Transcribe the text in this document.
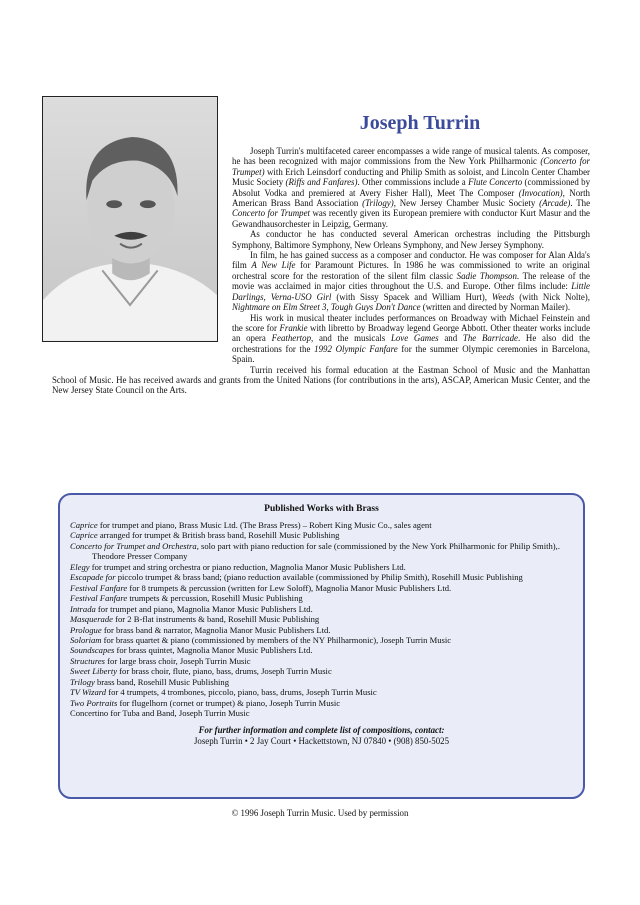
Joseph Turrin

Joseph Turrin's multifaceted career encompasses a wide range of musical talents. As composer, he has been recognized with major commissions from the New York Philharmonic (Concerto for Trumpet) with Erich Leinsdorf conducting and Philip Smith as soloist, and Lincoln Center Chamber Music Society (Riffs and Fanfares). Other commissions include a Flute Concerto (commissioned by Absolut Vodka and premiered at Avery Fisher Hall), Meet The Composer (Invocation), North American Brass Band Association (Trilogy), New Jersey Chamber Music Society (Arcade). The Concerto for Trumpet was recently given its European premiere with conductor Kurt Masur and the Gewandhausorchester in Leipzig, Germany.

As conductor he has conducted several American orchestras including the Pittsburgh Symphony, Baltimore Symphony, New Orleans Symphony, and New Jersey Symphony.

In film, he has gained success as a composer and conductor. He was composer for Alan Alda's film A New Life for Paramount Pictures. In 1986 he was commissioned to write an original orchestral score for the restoration of the silent film classic Sadie Thompson. The release of the movie was acclaimed in major cities throughout the U.S. and Europe. Other films include: Little Darlings, Verna-USO Girl (with Sissy Spacek and William Hurt), Weeds (with Nick Nolte), Nightmare on Elm Street 3, Tough Guys Don't Dance (written and directed by Norman Mailer).

His work in musical theater includes performances on Broadway with Michael Feinstein and the score for Frankie with libretto by Broadway legend George Abbott. Other theater works include an opera Feathertop, and the musicals Love Games and The Barricade. He also did the orchestrations for the 1992 Olympic Fanfare for the summer Olympic ceremonies in Barcelona, Spain.

Turrin received his formal education at the Eastman School of Music and the Manhattan School of Music. He has received awards and grants from the United Nations (for contributions in the arts), ASCAP, American Music Center, and the New Jersey State Council on the Arts.

Published Works with Brass
Caprice for trumpet and piano, Brass Music Ltd. (The Brass Press) – Robert King Music Co., sales agent
Caprice arranged for trumpet & British brass band, Rosehill Music Publishing
Concerto for Trumpet and Orchestra, solo part with piano reduction for sale (commissioned by the New York Philharmonic for Philip Smith),. Theodore Presser Company
Elegy for trumpet and string orchestra or piano reduction, Magnolia Manor Music Publishers Ltd.
Escapade for piccolo trumpet & brass band; (piano reduction available (commissioned by Philip Smith), Rosehill Music Publishing
Festival Fanfare for 8 trumpets & percussion (written for Lew Soloff), Magnolia Manor Music Publishers Ltd.
Festival Fanfare trumpets & percussion, Rosehill Music Publishing
Intrada for trumpet and piano, Magnolia Manor Music Publishers Ltd.
Masquerade for 2 B-flat instruments & band, Rosehill Music Publishing
Prologue for brass band & narrator, Magnolia Manor Music Publishers Ltd.
Soloriam for brass quartet & piano (commissioned by members of the NY Philharmonic), Joseph Turrin Music
Soundscapes for brass quintet, Magnolia Manor Music Publishers Ltd.
Structures for large brass choir, Joseph Turrin Music
Sweet Liberty for brass choir, flute, piano, bass, drums, Joseph Turrin Music
Trilogy brass band, Rosehill Music Publishing
TV Wizard for 4 trumpets, 4 trombones, piccolo, piano, bass, drums, Joseph Turrin Music
Two Portraits for flugelhorn (cornet or trumpet) & piano, Joseph Turrin Music
Concertino for Tuba and Band, Joseph Turrin Music
For further information and complete list of compositions, contact:
Joseph Turrin • 2 Jay Court • Hackettstown, NJ 07840 • (908) 850-5025
© 1996 Joseph Turrin Music. Used by permission
